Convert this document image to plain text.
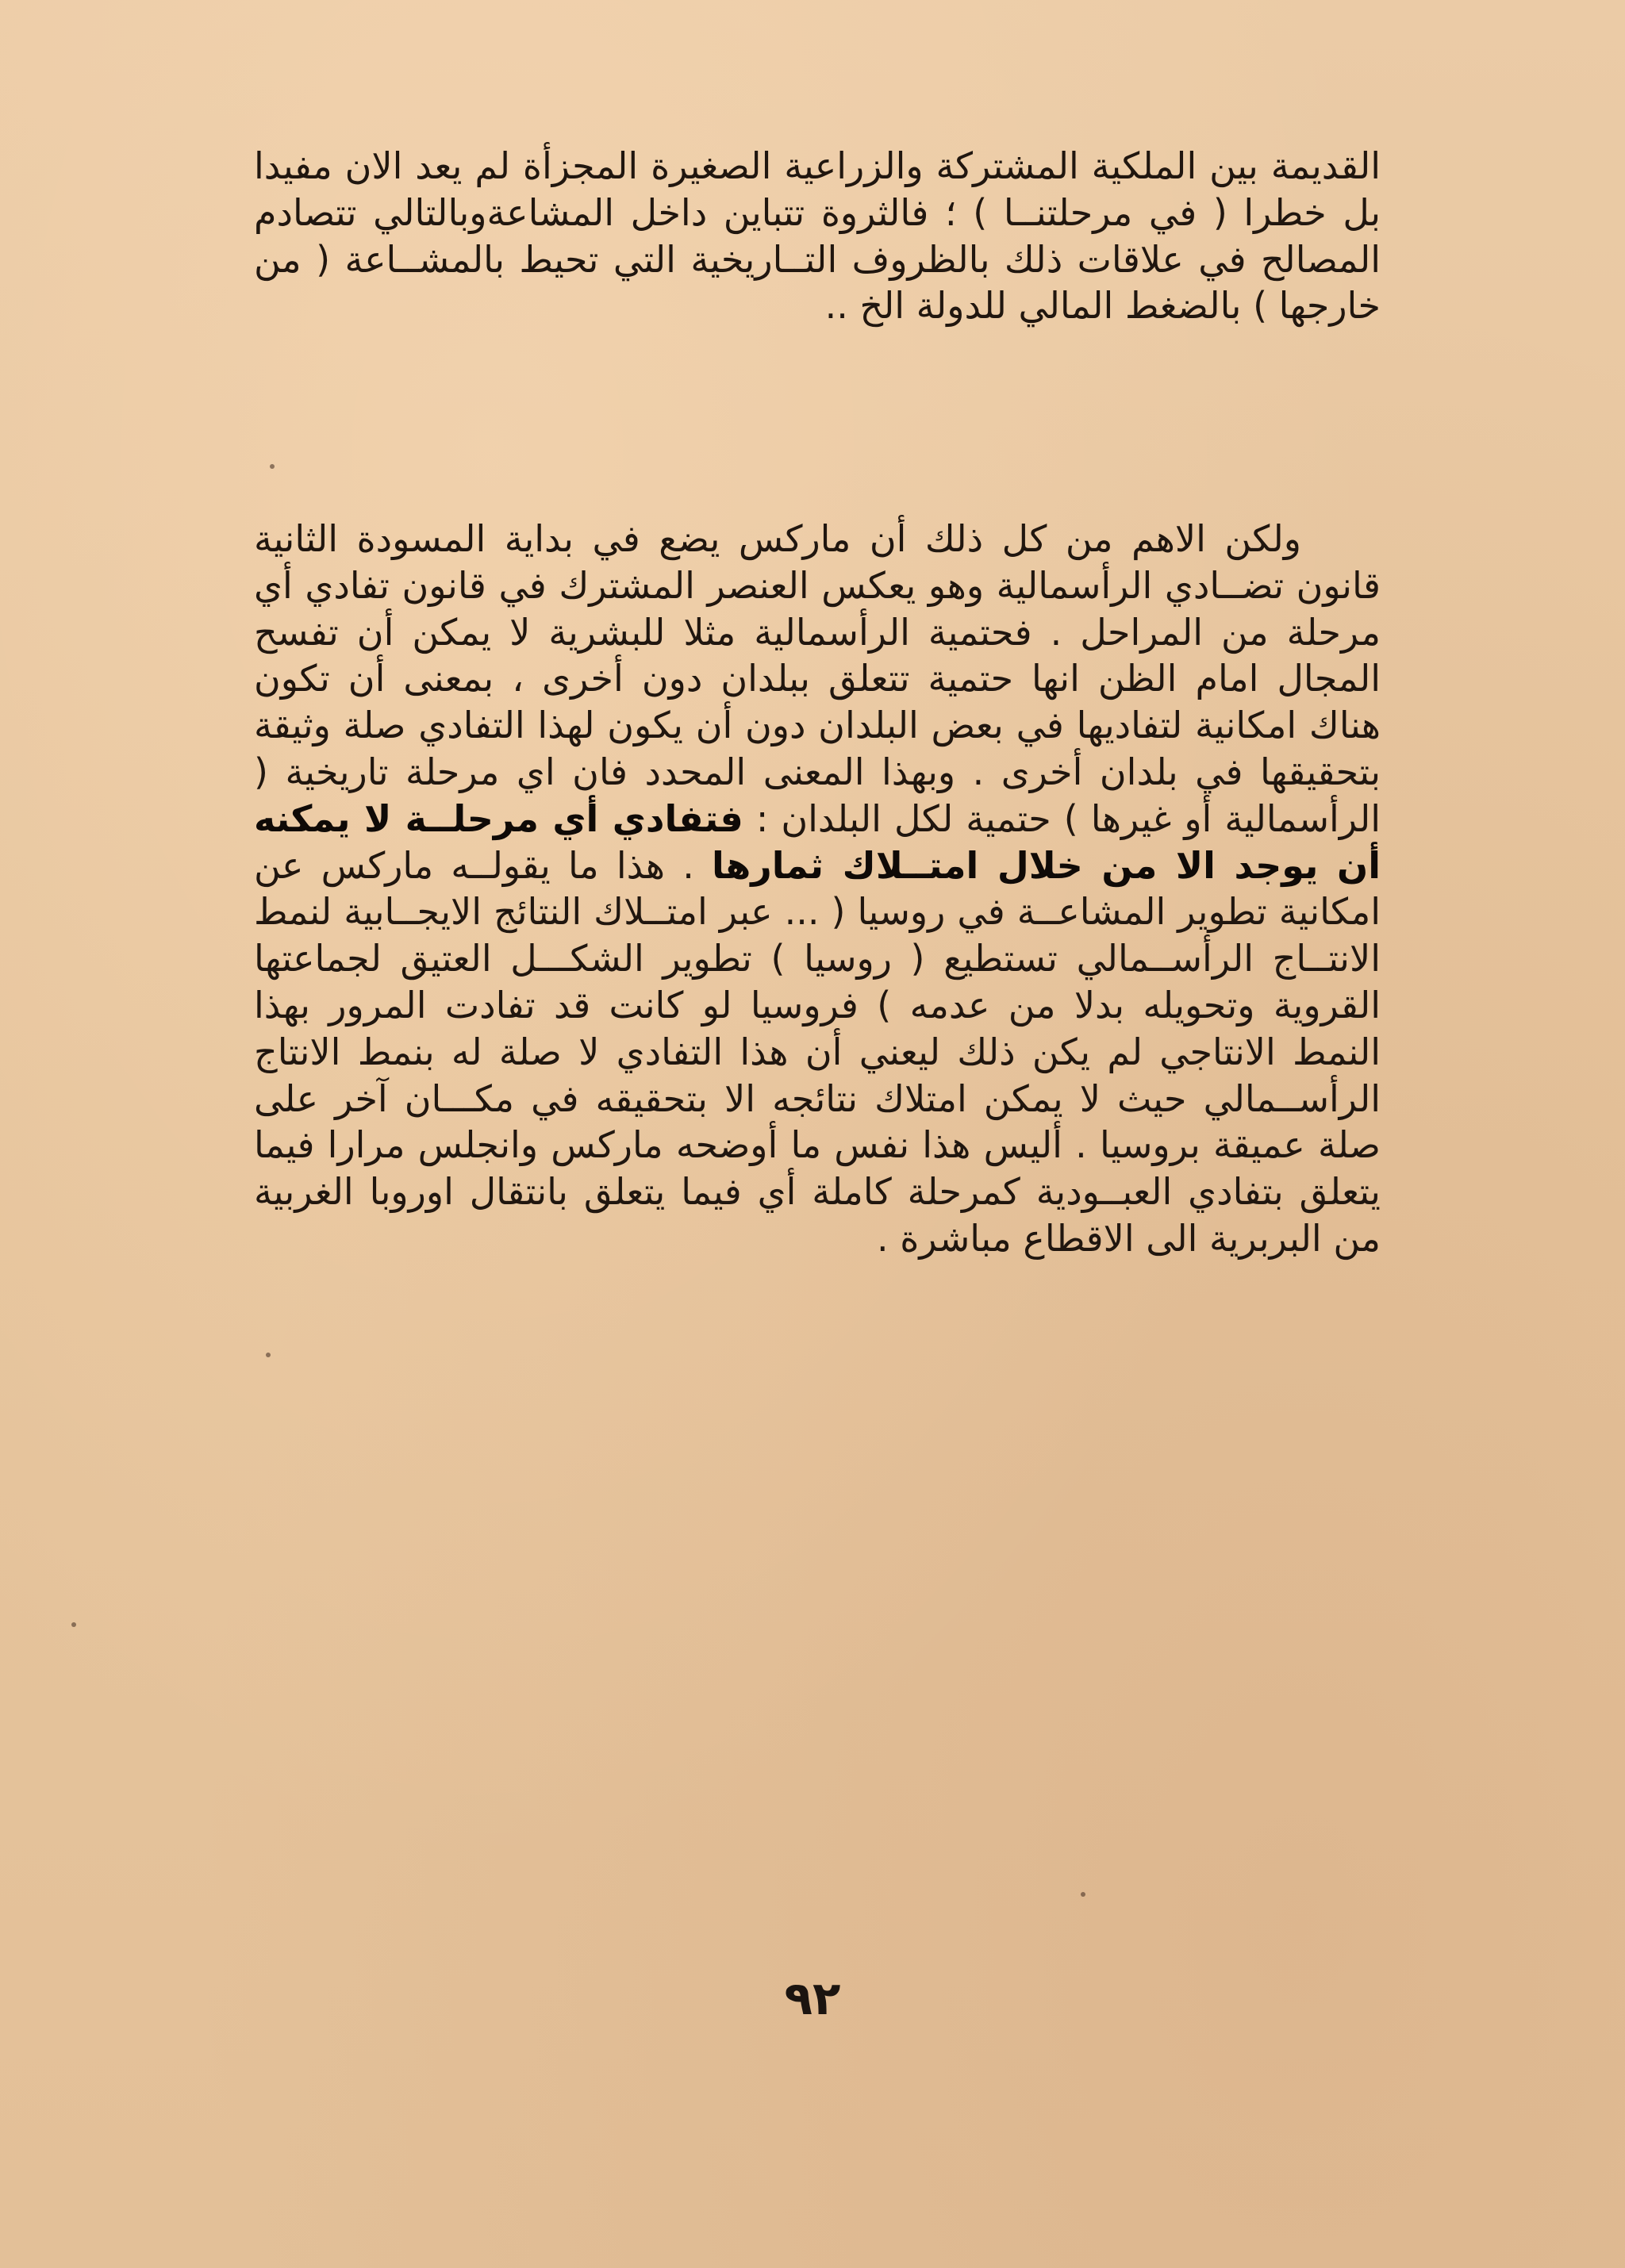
القديمة بين الملكية المشتركة والزراعية الصغيرة المجزأة لم يعد الان مفيدا بل خطرا ( في مرحلتنــا ) ؛ فالثروة تتباين داخل المشاعةوبالتالي تتصادم المصالح في علاقات ذلك بالظروف التــاريخية التي تحيط بالمشــاعة ( من خارجها ) بالضغط المالي للدولة الخ ..

ولكن الاهم من كل ذلك أن ماركس يضع في بداية المسودة الثانية قانون تضــادي الرأسمالية وهو يعكس العنصر المشترك في قانون تفادي أي مرحلة من المراحل . فحتمية الرأسمالية مثلا للبشرية لا يمكن أن تفسح المجال امام الظن انها حتمية تتعلق ببلدان دون أخرى ، بمعنى أن تكون هناك امكانية لتفاديها في بعض البلدان دون أن يكون لهذا التفادي صلة وثيقة بتحقيقها في بلدان أخرى . وبهذا المعنى المحدد فان اي مرحلة تاريخية ( الرأسمالية أو غيرها ) حتمية لكل البلدان : فتفادي أي مرحلــة لا يمكنه أن يوجد الا من خلال امتــلاك ثمارها . هذا ما يقولــه ماركس عن امكانية تطوير المشاعــة في روسيا ( ... عبر امتــلاك النتائج الايجــابية لنمط الانتــاج الرأســمالي تستطيع ( روسيا ) تطوير الشكـــل العتيق لجماعتها القروية وتحويله بدلا من عدمه ) فروسيا لو كانت قد تفادت المرور بهذا النمط الانتاجي لم يكن ذلك ليعني أن هذا التفادي لا صلة له بنمط الانتاج الرأســمالي حيث لا يمكن امتلاك نتائجه الا بتحقيقه في مكـــان آخر على صلة عميقة بروسيا . أليس هذا نفس ما أوضحه ماركس وانجلس مرارا فيما يتعلق بتفادي العبــودية كمرحلة كاملة أي فيما يتعلق بانتقال اوروبا الغربية من البربرية الى الاقطاع مباشرة .

٩٢
